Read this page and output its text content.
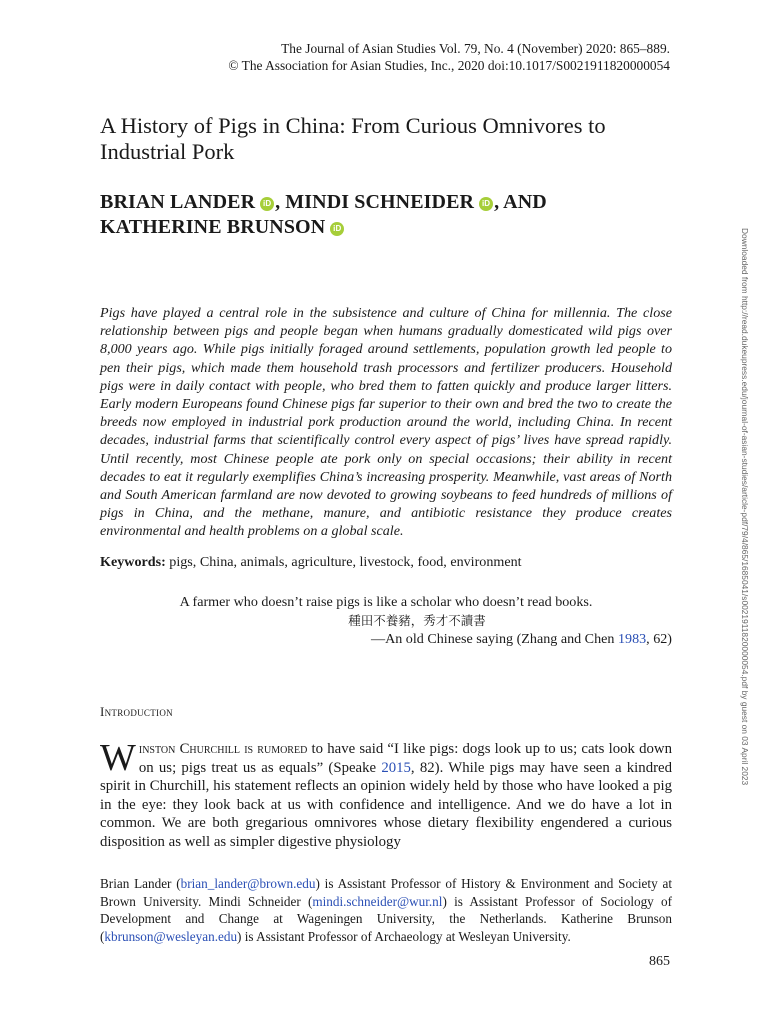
The Journal of Asian Studies Vol. 79, No. 4 (November) 2020: 865–889.
© The Association for Asian Studies, Inc., 2020 doi:10.1017/S0021911820000054
A History of Pigs in China: From Curious Omnivores to Industrial Pork
BRIAN LANDER iD , MINDI SCHNEIDER iD , AND
KATHERINE BRUNSON iD

Pigs have played a central role in the subsistence and culture of China for millennia. The close relationship between pigs and people began when humans gradually domesticated wild pigs over 8,000 years ago. While pigs initially foraged around settlements, population growth led people to pen their pigs, which made them household trash processors and fertilizer producers. Household pigs were in daily contact with people, who bred them to fatten quickly and produce larger litters. Early modern Europeans found Chinese pigs far superior to their own and bred the two to create the breeds now employed in industrial pork production around the world, including China. In recent decades, industrial farms that scientifically control every aspect of pigs’ lives have spread rapidly. Until recently, most Chinese people ate pork only on special occasions; their ability in recent decades to eat it regularly exemplifies China’s increasing prosperity. Meanwhile, vast areas of North and South American farmland are now devoted to growing soybeans to feed hundreds of millions of pigs in China, and the methane, manure, and antibiotic resistance they produce creates environmental and health problems on a global scale.

Keywords: pigs, China, animals, agriculture, livestock, food, environment
A farmer who doesn’t raise pigs is like a scholar who doesn’t read books.
種田不養豬，秀才不讀書
—An old Chinese saying (Zhang and Chen 1983, 62)
Introduction

Winston Churchill is rumored to have said “I like pigs: dogs look up to us; cats look down on us; pigs treat us as equals” (Speake 2015, 82). While pigs may have seen a kindred spirit in Churchill, his statement reflects an opinion widely held by those who have looked a pig in the eye: they look back at us with confidence and intelligence. And we do have a lot in common. We are both gregarious omnivores whose dietary flexibility engendered a curious disposition as well as simpler digestive physiology

Brian Lander (brian_lander@brown.edu) is Assistant Professor of History & Environment and Society at Brown University. Mindi Schneider (mindi.schneider@wur.nl) is Assistant Professor of Sociology of Development and Change at Wageningen University, the Netherlands. Katherine Brunson (kbrunson@wesleyan.edu) is Assistant Professor of Archaeology at Wesleyan University.

865
Downloaded from http://read.dukeupress.edu/journal-of-asian-studies/article-pdf/79/4/865/1685041/s0021911820000054.pdf by guest on 03 April 2023
